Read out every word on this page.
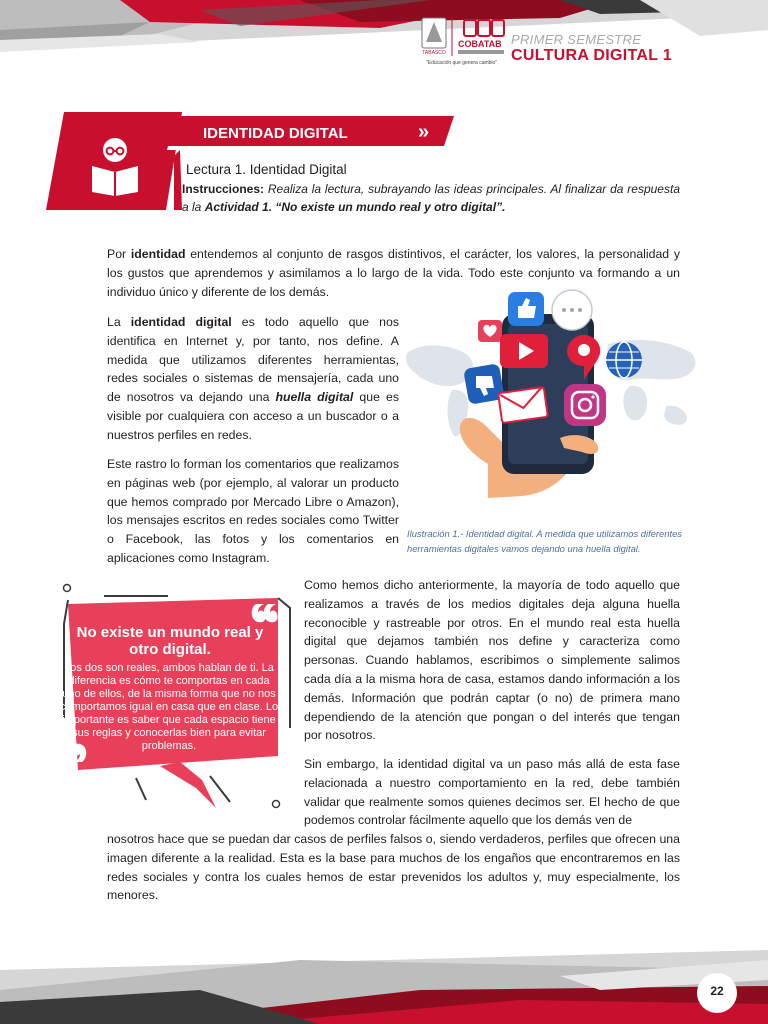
TABASCO
COBATAB
"Educación que genera cambio"
PRIMER SEMESTRE
CULTURA DIGITAL 1
IDENTIDAD DIGITAL	»
Lectura 1. Identidad Digital
Instrucciones: Realiza la lectura, subrayando las ideas principales. Al finalizar da respuesta a la Actividad 1. “No existe un mundo real y otro digital”.

Por identidad entendemos al conjunto de rasgos distintivos, el carácter, los valores, la personalidad y los gustos que aprendemos y asimilamos a lo largo de la vida. Todo este conjunto va formando a un individuo único y diferente de los demás.

La identidad digital es todo aquello que nos identifica en Internet y, por tanto, nos define. A medida que utilizamos diferentes herramientas, redes sociales o sistemas de mensajería, cada uno de nosotros va dejando una huella digital que es visible por cualquiera con acceso a un buscador o a nuestros perfiles en redes.

Este rastro lo forman los comentarios que realizamos en páginas web (por ejemplo, al valorar un producto que hemos comprado por Mercado Libre o Amazon), los mensajes escritos en redes sociales como Twitter o Facebook, las fotos y los comentarios en aplicaciones como Instagram.

Ilustración 1.- Identidad digital. A medida que utilizamos diferentes herramientas digitales vamos dejando una huella digital.
No existe un mundo real y otro digital.
Los dos son reales, ambos hablan de ti. La diferencia es cómo te comportas en cada uno de ellos, de la misma forma que no nos comportamos igual en casa que en clase. Lo importante es saber que cada espacio tiene sus reglas y conocerlas bien para evitar problemas.

Como hemos dicho anteriormente, la mayoría de todo aquello que realizamos a través de los medios digitales deja alguna huella reconocible y rastreable por otros. En el mundo real esta huella digital que dejamos también nos define y caracteriza como personas. Cuando hablamos, escribimos o simplemente salimos cada día a la misma hora de casa, estamos dando información a los demás. Información que podrán captar (o no) de primera mano dependiendo de la atención que pongan o del interés que tengan por nosotros.

Sin embargo, la identidad digital va un paso más allá de esta fase relacionada a nuestro comportamiento en la red, debe también validar que realmente somos quienes decimos ser. El hecho de que podemos controlar fácilmente aquello que los demás ven de

nosotros hace que se puedan dar casos de perfiles falsos o, siendo verdaderos, perfiles que ofrecen una imagen diferente a la realidad. Esta es la base para muchos de los engaños que encontraremos en las redes sociales y contra los cuales hemos de estar prevenidos los adultos y, muy especialmente, los menores.

22
